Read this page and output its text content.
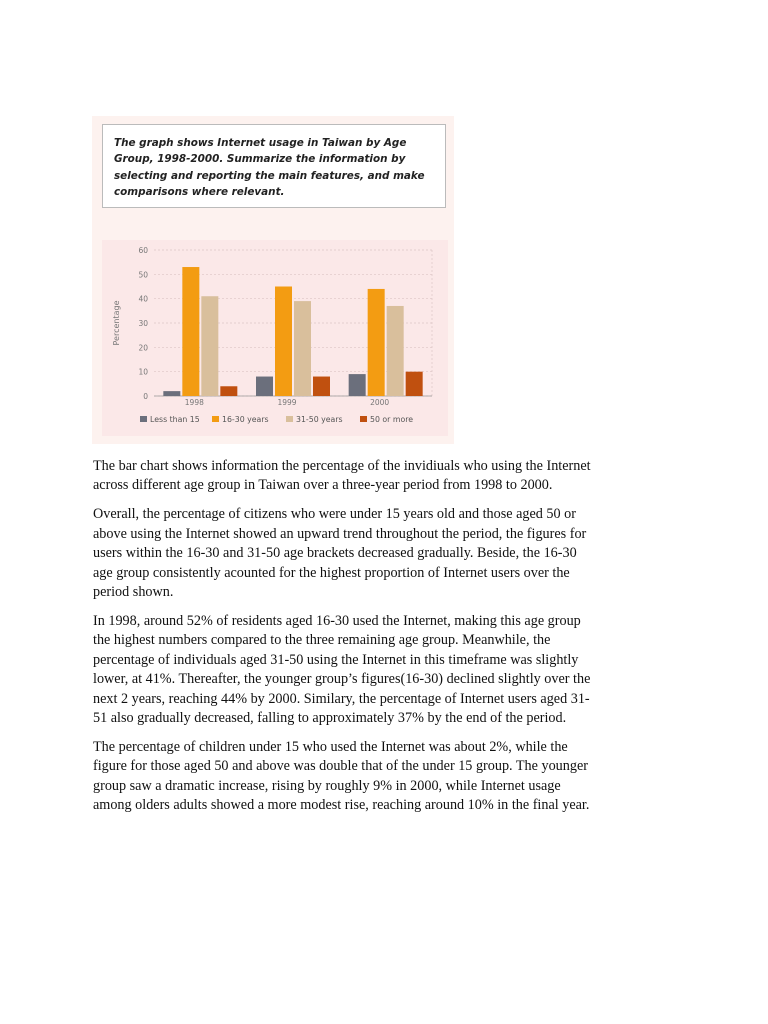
The graph shows Internet usage in Taiwan by Age Group, 1998-2000. Summarize the information by selecting and reporting the main features, and make comparisons where relevant.
0
10
20
30
40
50
60
Percentage
1998	1999	2000
Less than 15	16-30 years	31-50 years	50 or more

The bar chart shows information the percentage of the invidiuals who using the Internet across different age group in Taiwan over a three-year period from 1998 to 2000.

Overall, the percentage of citizens who were under 15 years old and those aged 50 or above using the Internet showed an upward trend throughout the period, the figures for users within the 16-30 and 31-50 age brackets decreased gradually. Beside, the 16-30 age group consistently acounted for the highest proportion of Internet users over the period shown.

In 1998, around 52% of residents aged 16-30 used the Internet, making this age group the highest numbers compared to the three remaining age group. Meanwhile, the percentage of individuals aged 31-50 using the Internet in this timeframe was slightly lower, at 41%. Thereafter, the younger group’s figures(16-30) declined slightly over the next 2 years, reaching 44% by 2000. Similary, the percentage of Internet users aged 31-51 also gradually decreased, falling to approximately 37% by the end of the period.

The percentage of children under 15 who used the Internet was about 2%, while the figure for those aged 50 and above was double that of the under 15 group. The younger group saw a dramatic increase, rising by roughly 9% in 2000, while Internet usage among olders adults showed a more modest rise, reaching around 10% in the final year.
